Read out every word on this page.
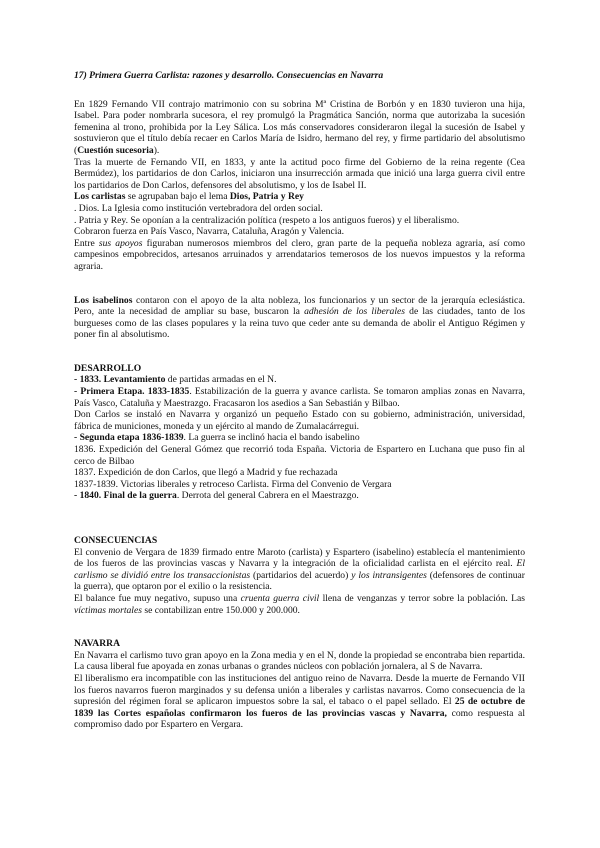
17) Primera Guerra Carlista: razones y desarrollo. Consecuencias en Navarra

En 1829 Fernando VII contrajo matrimonio con su sobrina Mª Cristina de Borbón y en 1830 tuvieron una hija, Isabel. Para poder nombrarla sucesora, el rey promulgó la Pragmática Sanción, norma que autorizaba la sucesión femenina al trono, prohibida por la Ley Sálica. Los más conservadores consideraron ilegal la sucesión de Isabel y sostuvieron que el título debía recaer en Carlos María de Isidro, hermano del rey, y firme partidario del absolutismo (Cuestión sucesoria).

Tras la muerte de Fernando VII, en 1833, y ante la actitud poco firme del Gobierno de la reina regente (Cea Bermúdez), los partidarios de don Carlos, iniciaron una insurrección armada que inició una larga guerra civil entre los partidarios de Don Carlos, defensores del absolutismo, y los de Isabel II.

Los carlistas se agrupaban bajo el lema Dios, Patria y Rey

. Dios. La Iglesia como institución vertebradora del orden social.

. Patria y Rey. Se oponían a la centralización política (respeto a los antiguos fueros) y el liberalismo.

Cobraron fuerza en País Vasco, Navarra, Cataluña, Aragón y Valencia.

Entre sus apoyos figuraban numerosos miembros del clero, gran parte de la pequeña nobleza agraria, así como campesinos empobrecidos, artesanos arruinados y arrendatarios temerosos de los nuevos impuestos y la reforma agraria.

Los isabelinos contaron con el apoyo de la alta nobleza, los funcionarios y un sector de la jerarquía eclesiástica. Pero, ante la necesidad de ampliar su base, buscaron la adhesión de los liberales de las ciudades, tanto de los burgueses como de las clases populares y la reina tuvo que ceder ante su demanda de abolir el Antiguo Régimen y poner fin al absolutismo.

DESARROLLO

- 1833. Levantamiento de partidas armadas en el N.

- Primera Etapa. 1833-1835. Estabilización de la guerra y avance carlista. Se tomaron amplias zonas en Navarra, País Vasco, Cataluña y Maestrazgo. Fracasaron los asedios a San Sebastián y Bilbao.

Don Carlos se instaló en Navarra y organizó un pequeño Estado con su gobierno, administración, universidad, fábrica de municiones, moneda y un ejército al mando de Zumalacárregui.

- Segunda etapa 1836-1839. La guerra se inclinó hacia el bando isabelino

1836. Expedición del General Gómez que recorrió toda España. Victoria de Espartero en Luchana que puso fin al cerco de Bilbao

1837. Expedición de don Carlos, que llegó a Madrid y fue rechazada

1837-1839. Victorias liberales y retroceso Carlista. Firma del Convenio de Vergara

- 1840. Final de la guerra. Derrota del general Cabrera en el Maestrazgo.

CONSECUENCIAS

El convenio de Vergara de 1839 firmado entre Maroto (carlista) y Espartero (isabelino) establecía el mantenimiento de los fueros de las provincias vascas y Navarra y la integración de la oficialidad carlista en el ejército real. El carlismo se dividió entre los transaccionistas (partidarios del acuerdo) y los intransigentes (defensores de continuar la guerra), que optaron por el exilio o la resistencia.

El balance fue muy negativo, supuso una cruenta guerra civil llena de venganzas y terror sobre la población. Las víctimas mortales se contabilizan entre 150.000 y 200.000.

NAVARRA

En Navarra el carlismo tuvo gran apoyo en la Zona media y en el N, donde la propiedad se encontraba bien repartida. La causa liberal fue apoyada en zonas urbanas o grandes núcleos con población jornalera, al S de Navarra.

El liberalismo era incompatible con las instituciones del antiguo reino de Navarra. Desde la muerte de Fernando VII los fueros navarros fueron marginados y su defensa unión a liberales y carlistas navarros. Como consecuencia de la supresión del régimen foral se aplicaron impuestos sobre la sal, el tabaco o el papel sellado. El 25 de octubre de 1839 las Cortes españolas confirmaron los fueros de las provincias vascas y Navarra, como respuesta al compromiso dado por Espartero en Vergara.
